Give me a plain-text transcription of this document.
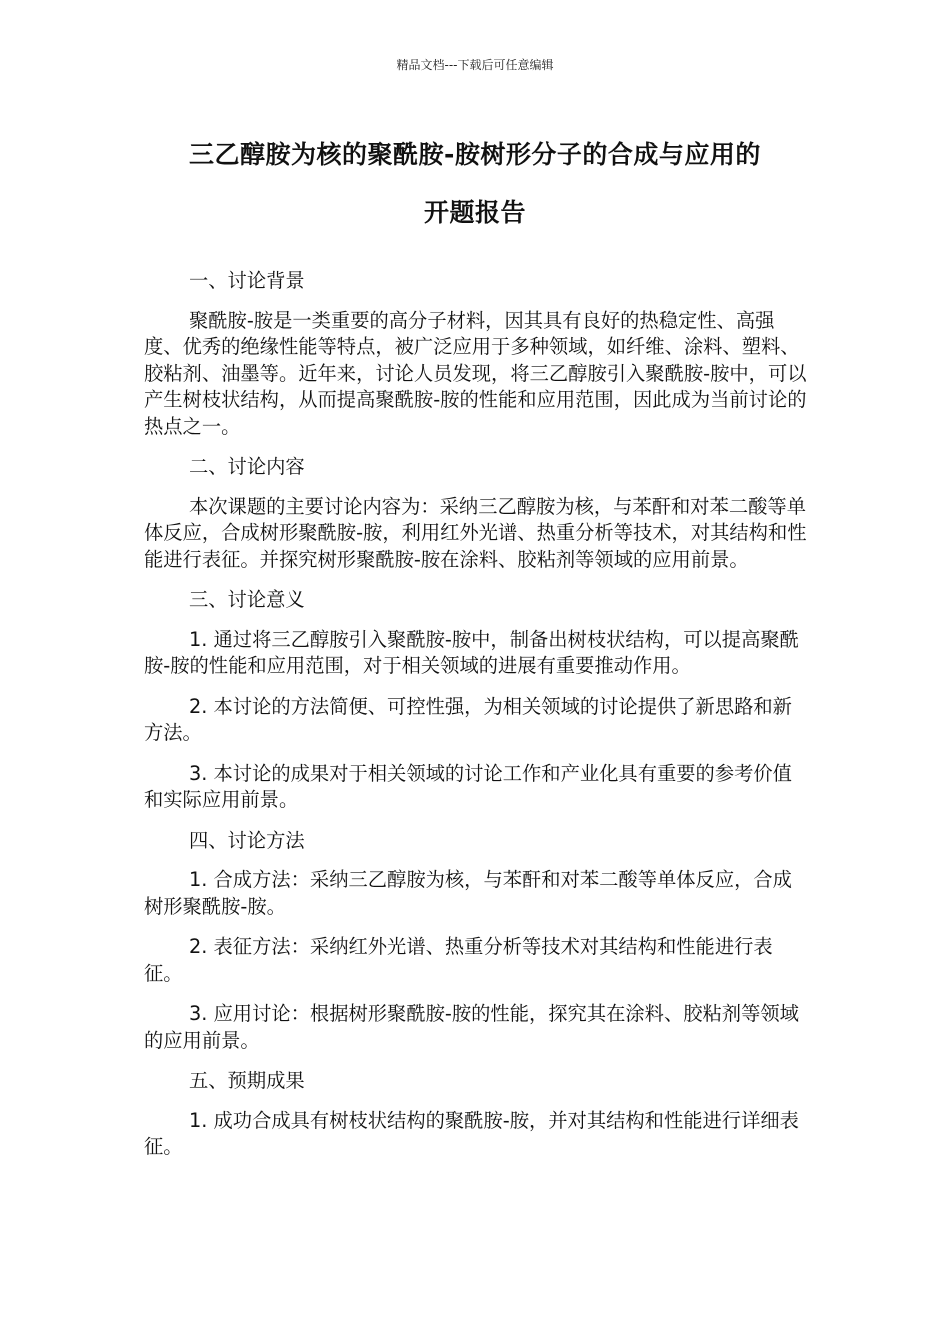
精品文档---下载后可任意编辑
三乙醇胺为核的聚酰胺-胺树形分子的合成与应用的
开题报告

一、讨论背景

聚酰胺-胺是一类重要的高分子材料，因其具有良好的热稳定性、高强度、优秀的绝缘性能等特点，被广泛应用于多种领域，如纤维、涂料、塑料、胶粘剂、油墨等。近年来，讨论人员发现，将三乙醇胺引入聚酰胺-胺中，可以产生树枝状结构，从而提高聚酰胺-胺的性能和应用范围，因此成为当前讨论的热点之一。

二、讨论内容

本次课题的主要讨论内容为：采纳三乙醇胺为核，与苯酐和对苯二酸等单体反应，合成树形聚酰胺-胺，利用红外光谱、热重分析等技术，对其结构和性能进行表征。并探究树形聚酰胺-胺在涂料、胶粘剂等领域的应用前景。

三、讨论意义

1. 通过将三乙醇胺引入聚酰胺-胺中，制备出树枝状结构，可以提高聚酰胺-胺的性能和应用范围，对于相关领域的进展有重要推动作用。

2. 本讨论的方法简便、可控性强，为相关领域的讨论提供了新思路和新方法。

3. 本讨论的成果对于相关领域的讨论工作和产业化具有重要的参考价值和实际应用前景。

四、讨论方法

1. 合成方法：采纳三乙醇胺为核，与苯酐和对苯二酸等单体反应，合成树形聚酰胺-胺。

2. 表征方法：采纳红外光谱、热重分析等技术对其结构和性能进行表征。

3. 应用讨论：根据树形聚酰胺-胺的性能，探究其在涂料、胶粘剂等领域的应用前景。

五、预期成果

1. 成功合成具有树枝状结构的聚酰胺-胺，并对其结构和性能进行详细表征。
